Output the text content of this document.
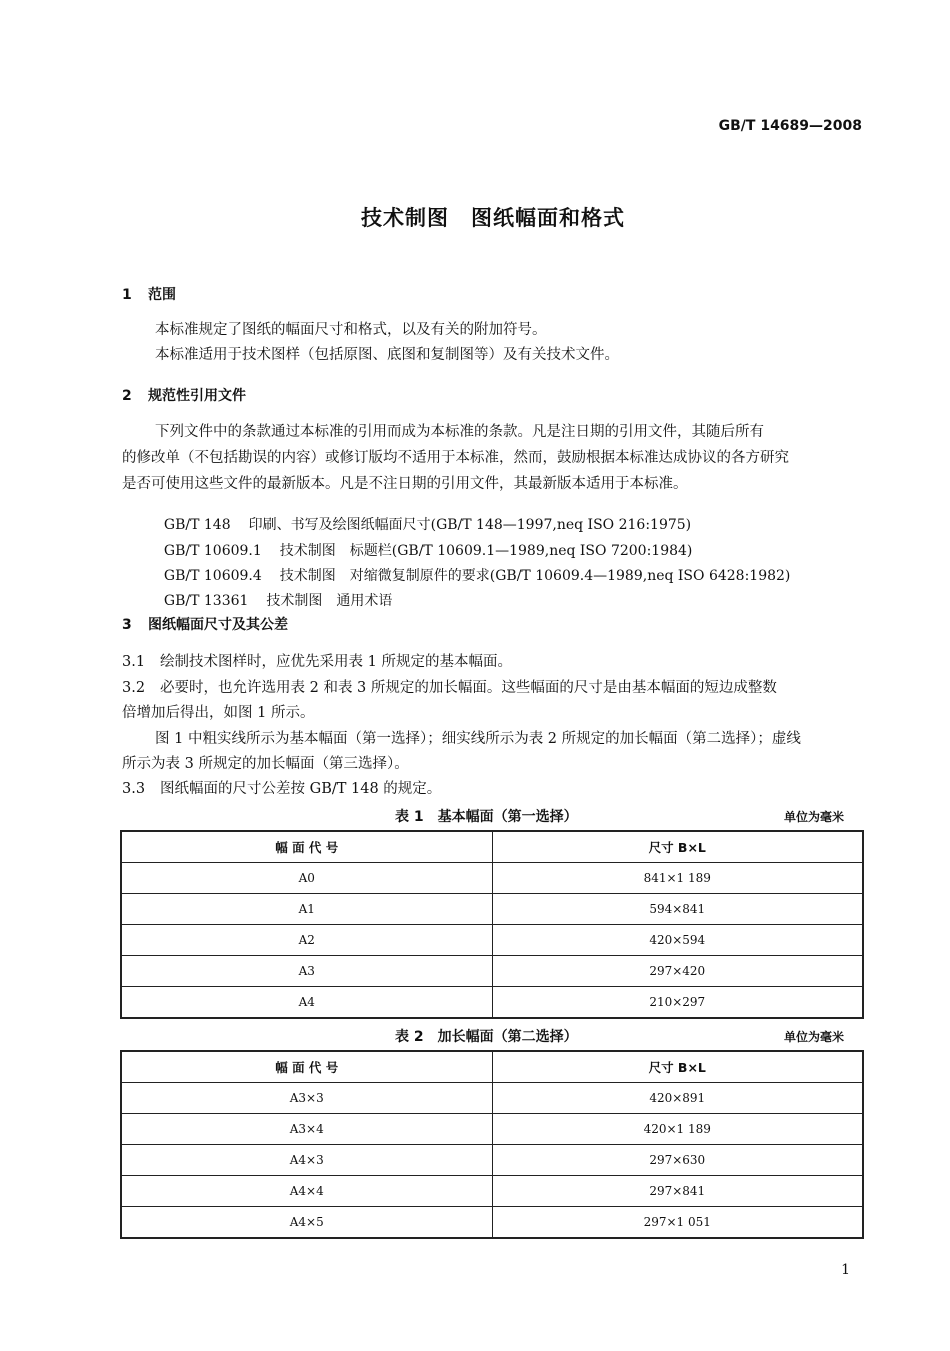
GB/T 14689—2008
技术制图　图纸幅面和格式
1 范围
本标准规定了图纸的幅面尺寸和格式，以及有关的附加符号。
本标准适用于技术图样（包括原图、底图和复制图等）及有关技术文件。
2 规范性引用文件
下列文件中的条款通过本标准的引用而成为本标准的条款。凡是注日期的引用文件，其随后所有
的修改单（不包括勘误的内容）或修订版均不适用于本标准，然而，鼓励根据本标准达成协议的各方研究
是否可使用这些文件的最新版本。凡是不注日期的引用文件，其最新版本适用于本标准。

GB/T 148 印刷、书写及绘图纸幅面尺寸(GB/T 148—1997,neq ISO 216:1975)

GB/T 10609.1 技术制图　标题栏(GB/T 10609.1—1989,neq ISO 7200:1984)

GB/T 10609.4 技术制图　对缩微复制原件的要求(GB/T 10609.4—1989,neq ISO 6428:1982)

GB/T 13361 技术制图　通用术语

3 图纸幅面尺寸及其公差
3.1 绘制技术图样时，应优先采用表 1 所规定的基本幅面。
3.2 必要时，也允许选用表 2 和表 3 所规定的加长幅面。这些幅面的尺寸是由基本幅面的短边成整数
倍增加后得出，如图 1 所示。
图 1 中粗实线所示为基本幅面（第一选择）；细实线所示为表 2 所规定的加长幅面（第二选择）；虚线
所示为表 3 所规定的加长幅面（第三选择）。
3.3 图纸幅面的尺寸公差按 GB/T 148 的规定。
表 1　基本幅面（第一选择）	单位为毫米
幅 面 代 号	尺寸 B×L
A0	841×1 189
A1	594×841
A2	420×594
A3	297×420
A4	210×297
表 2　加长幅面（第二选择）	单位为毫米
幅 面 代 号	尺寸 B×L
A3×3	420×891
A3×4	420×1 189
A4×3	297×630
A4×4	297×841
A4×5	297×1 051
1
